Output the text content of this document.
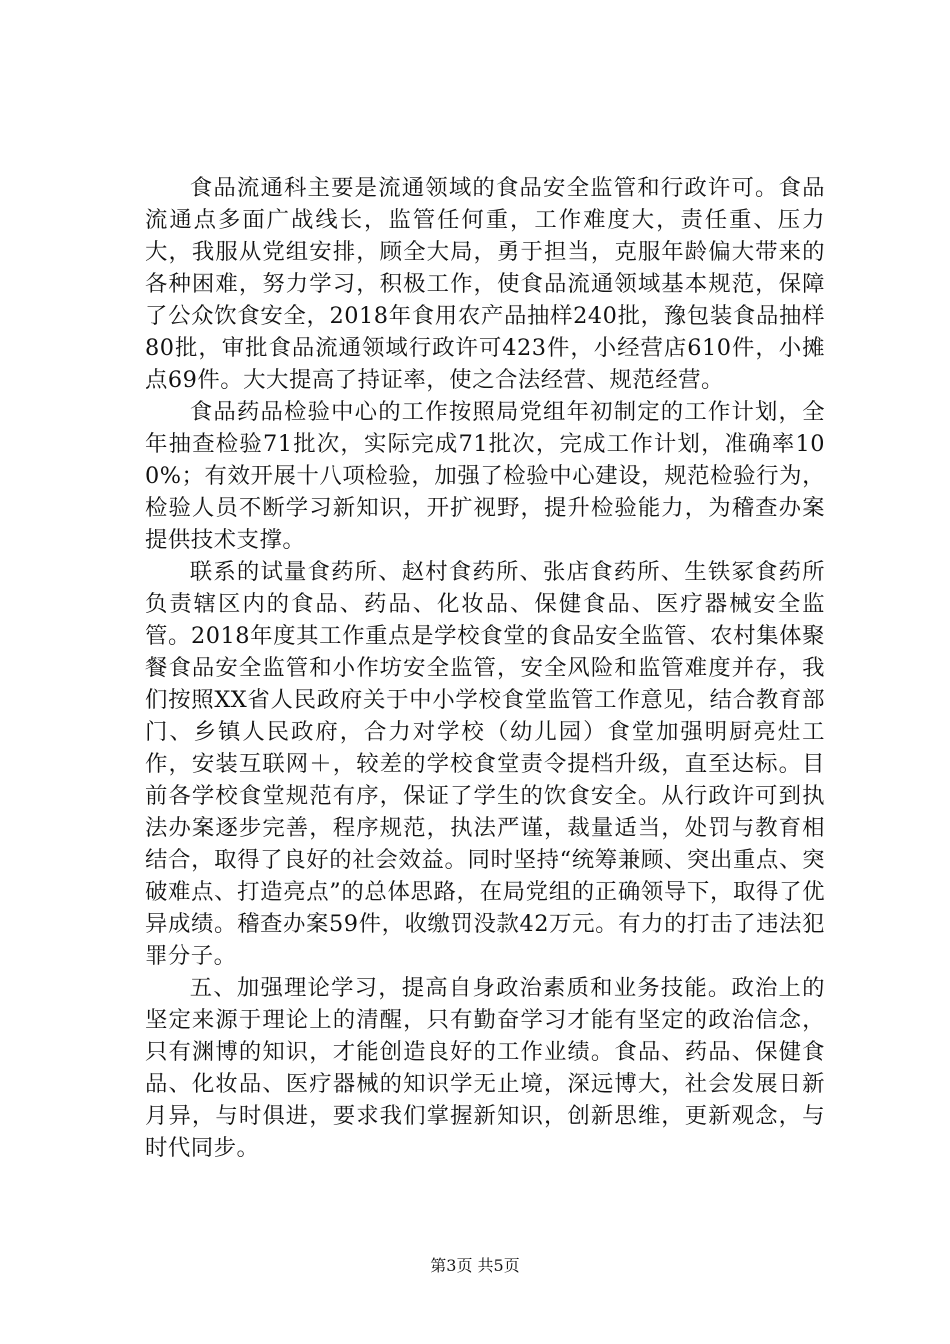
食品流通科主要是流通领域的食品安全监管和行政许可。食品流通点多面广战线长，监管任何重，工作难度大，责任重、压力大，我服从党组安排，顾全大局，勇于担当，克服年龄偏大带来的各种困难，努力学习，积极工作，使食品流通领域基本规范，保障了公众饮食安全，2018年食用农产品抽样240批，豫包装食品抽样80批，审批食品流通领域行政许可423件，小经营店610件，小摊点69件。大大提高了持证率，使之合法经营、规范经营。

食品药品检验中心的工作按照局党组年初制定的工作计划，全年抽查检验71批次，实际完成71批次，完成工作计划，准确率100%；有效开展十八项检验，加强了检验中心建设，规范检验行为，检验人员不断学习新知识，开扩视野，提升检验能力，为稽查办案提供技术支撑。

联系的试量食药所、赵村食药所、张店食药所、生铁冢食药所负责辖区内的食品、药品、化妆品、保健食品、医疗器械安全监管。2018年度其工作重点是学校食堂的食品安全监管、农村集体聚餐食品安全监管和小作坊安全监管，安全风险和监管难度并存，我们按照XX省人民政府关于中小学校食堂监管工作意见，结合教育部门、乡镇人民政府，合力对学校（幼儿园）食堂加强明厨亮灶工作，安装互联网＋，较差的学校食堂责令提档升级，直至达标。目前各学校食堂规范有序，保证了学生的饮食安全。从行政许可到执法办案逐步完善，程序规范，执法严谨，裁量适当，处罚与教育相结合，取得了良好的社会效益。同时坚持“统筹兼顾、突出重点、突破难点、打造亮点”的总体思路，在局党组的正确领导下，取得了优异成绩。稽查办案59件，收缴罚没款42万元。有力的打击了违法犯罪分子。

五、加强理论学习，提高自身政治素质和业务技能。政治上的坚定来源于理论上的清醒，只有勤奋学习才能有坚定的政治信念，只有渊博的知识，才能创造良好的工作业绩。食品、药品、保健食品、化妆品、医疗器械的知识学无止境，深远博大，社会发展日新月异，与时俱进，要求我们掌握新知识，创新思维，更新观念，与时代同步。

第3页 共5页
